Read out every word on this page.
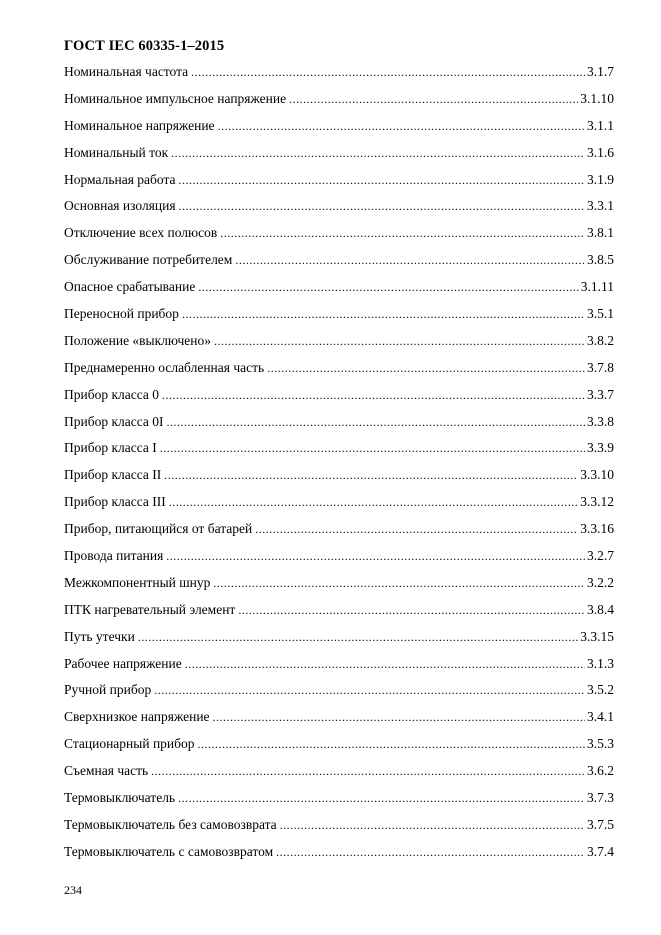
ГОСТ IEC 60335-1–2015
Номинальная частота .....	3.1.7
Номинальное импульсное напряжение .....	3.1.10
Номинальное напряжение .....	3.1.1
Номинальный ток .....	3.1.6
Нормальная работа .....	3.1.9
Основная изоляция .....	3.3.1
Отключение всех полюсов .....	3.8.1
Обслуживание потребителем .....	3.8.5
Опасное срабатывание .....	3.1.11
Переносной прибор .....	3.5.1
Положение «выключено» .....	3.8.2
Преднамеренно ослабленная часть .....	3.7.8
Прибор класса 0 .....	3.3.7
Прибор класса 0I .....	3.3.8
Прибор класса I .....	3.3.9
Прибор класса II .....	3.3.10
Прибор класса III .....	3.3.12
Прибор, питающийся от батарей .....	3.3.16
Провода питания .....	3.2.7
Межкомпонентный шнур .....	3.2.2
ПТК нагревательный элемент .....	3.8.4
Путь утечки .....	3.3.15
Рабочее напряжение .....	3.1.3
Ручной прибор .....	3.5.2
Сверхнизкое напряжение .....	3.4.1
Стационарный прибор .....	3.5.3
Съемная часть .....	3.6.2
Термовыключатель .....	3.7.3
Термовыключатель без самовозврата .....	3.7.5
Термовыключатель с самовозвратом .....	3.7.4
234
